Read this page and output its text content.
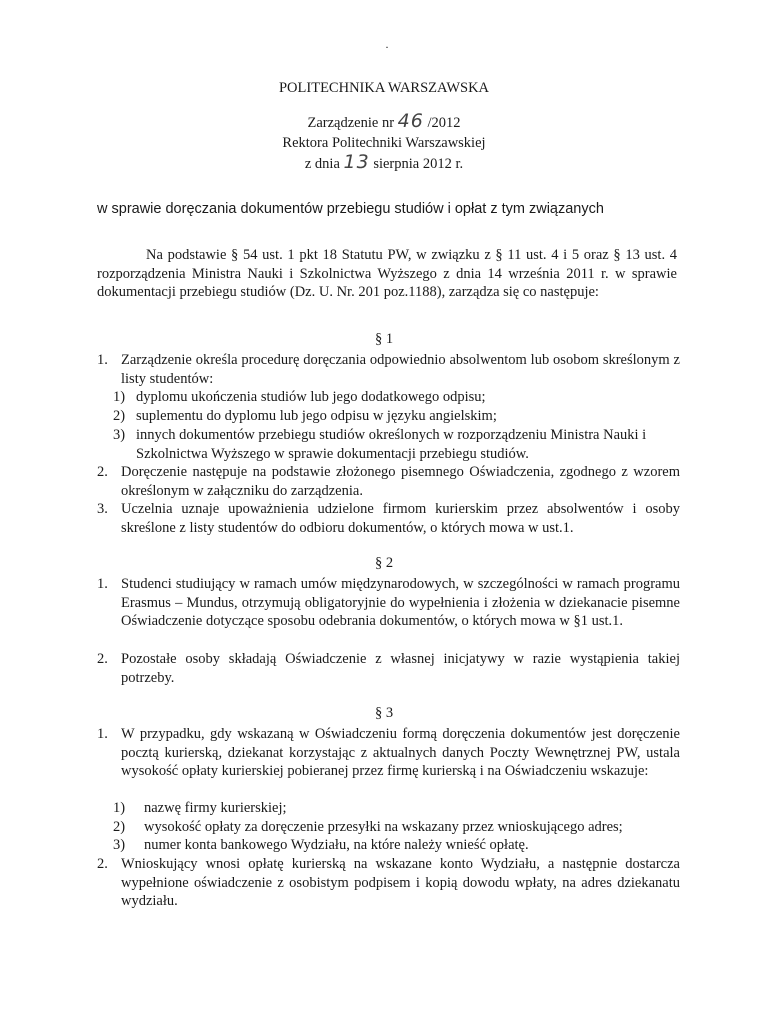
·
POLITECHNIKA WARSZAWSKA
Zarządzenie nr 46 /2012
Rektora Politechniki Warszawskiej
z dnia 13 sierpnia 2012 r.
w sprawie doręczania dokumentów przebiegu studiów i opłat z tym związanych
Na podstawie § 54 ust. 1 pkt 18 Statutu PW, w związku z § 11 ust. 4 i 5 oraz § 13 ust. 4 rozporządzenia Ministra Nauki i Szkolnictwa Wyższego z dnia 14 września 2011 r. w sprawie dokumentacji przebiegu studiów (Dz. U. Nr. 201 poz.1188), zarządza się co następuje:
§ 1
1. Zarządzenie określa procedurę doręczania odpowiednio absolwentom lub osobom skreślonym z listy studentów:
1) dyplomu ukończenia studiów lub jego dodatkowego odpisu;
2) suplementu do dyplomu lub jego odpisu w języku angielskim;
3) innych dokumentów przebiegu studiów określonych w rozporządzeniu Ministra Nauki i Szkolnictwa Wyższego w sprawie dokumentacji przebiegu studiów.
2. Doręczenie następuje na podstawie złożonego pisemnego Oświadczenia, zgodnego z wzorem określonym w załączniku do zarządzenia.
3. Uczelnia uznaje upoważnienia udzielone firmom kurierskim przez absolwentów i osoby skreślone z listy studentów do odbioru dokumentów, o których mowa w ust.1.
§ 2
1. Studenci studiujący w ramach umów międzynarodowych, w szczególności w ramach programu Erasmus – Mundus, otrzymują obligatoryjnie do wypełnienia i złożenia w dziekanacie pisemne Oświadczenie dotyczące sposobu odebrania dokumentów, o których mowa w §1 ust.1.
2. Pozostałe osoby składają Oświadczenie z własnej inicjatywy w razie wystąpienia takiej potrzeby.
§ 3
1. W przypadku, gdy wskazaną w Oświadczeniu formą doręczenia dokumentów jest doręczenie pocztą kurierską, dziekanat korzystając z aktualnych danych Poczty Wewnętrznej PW, ustala wysokość opłaty kurierskiej pobieranej przez firmę kurierską i na Oświadczeniu wskazuje:
1) nazwę firmy kurierskiej;
2) wysokość opłaty za doręczenie przesyłki na wskazany przez wnioskującego adres;
3) numer konta bankowego Wydziału, na które należy wnieść opłatę.
2. Wnioskujący wnosi opłatę kurierską na wskazane konto Wydziału, a następnie dostarcza wypełnione oświadczenie z osobistym podpisem i kopią dowodu wpłaty, na adres dziekanatu wydziału.
